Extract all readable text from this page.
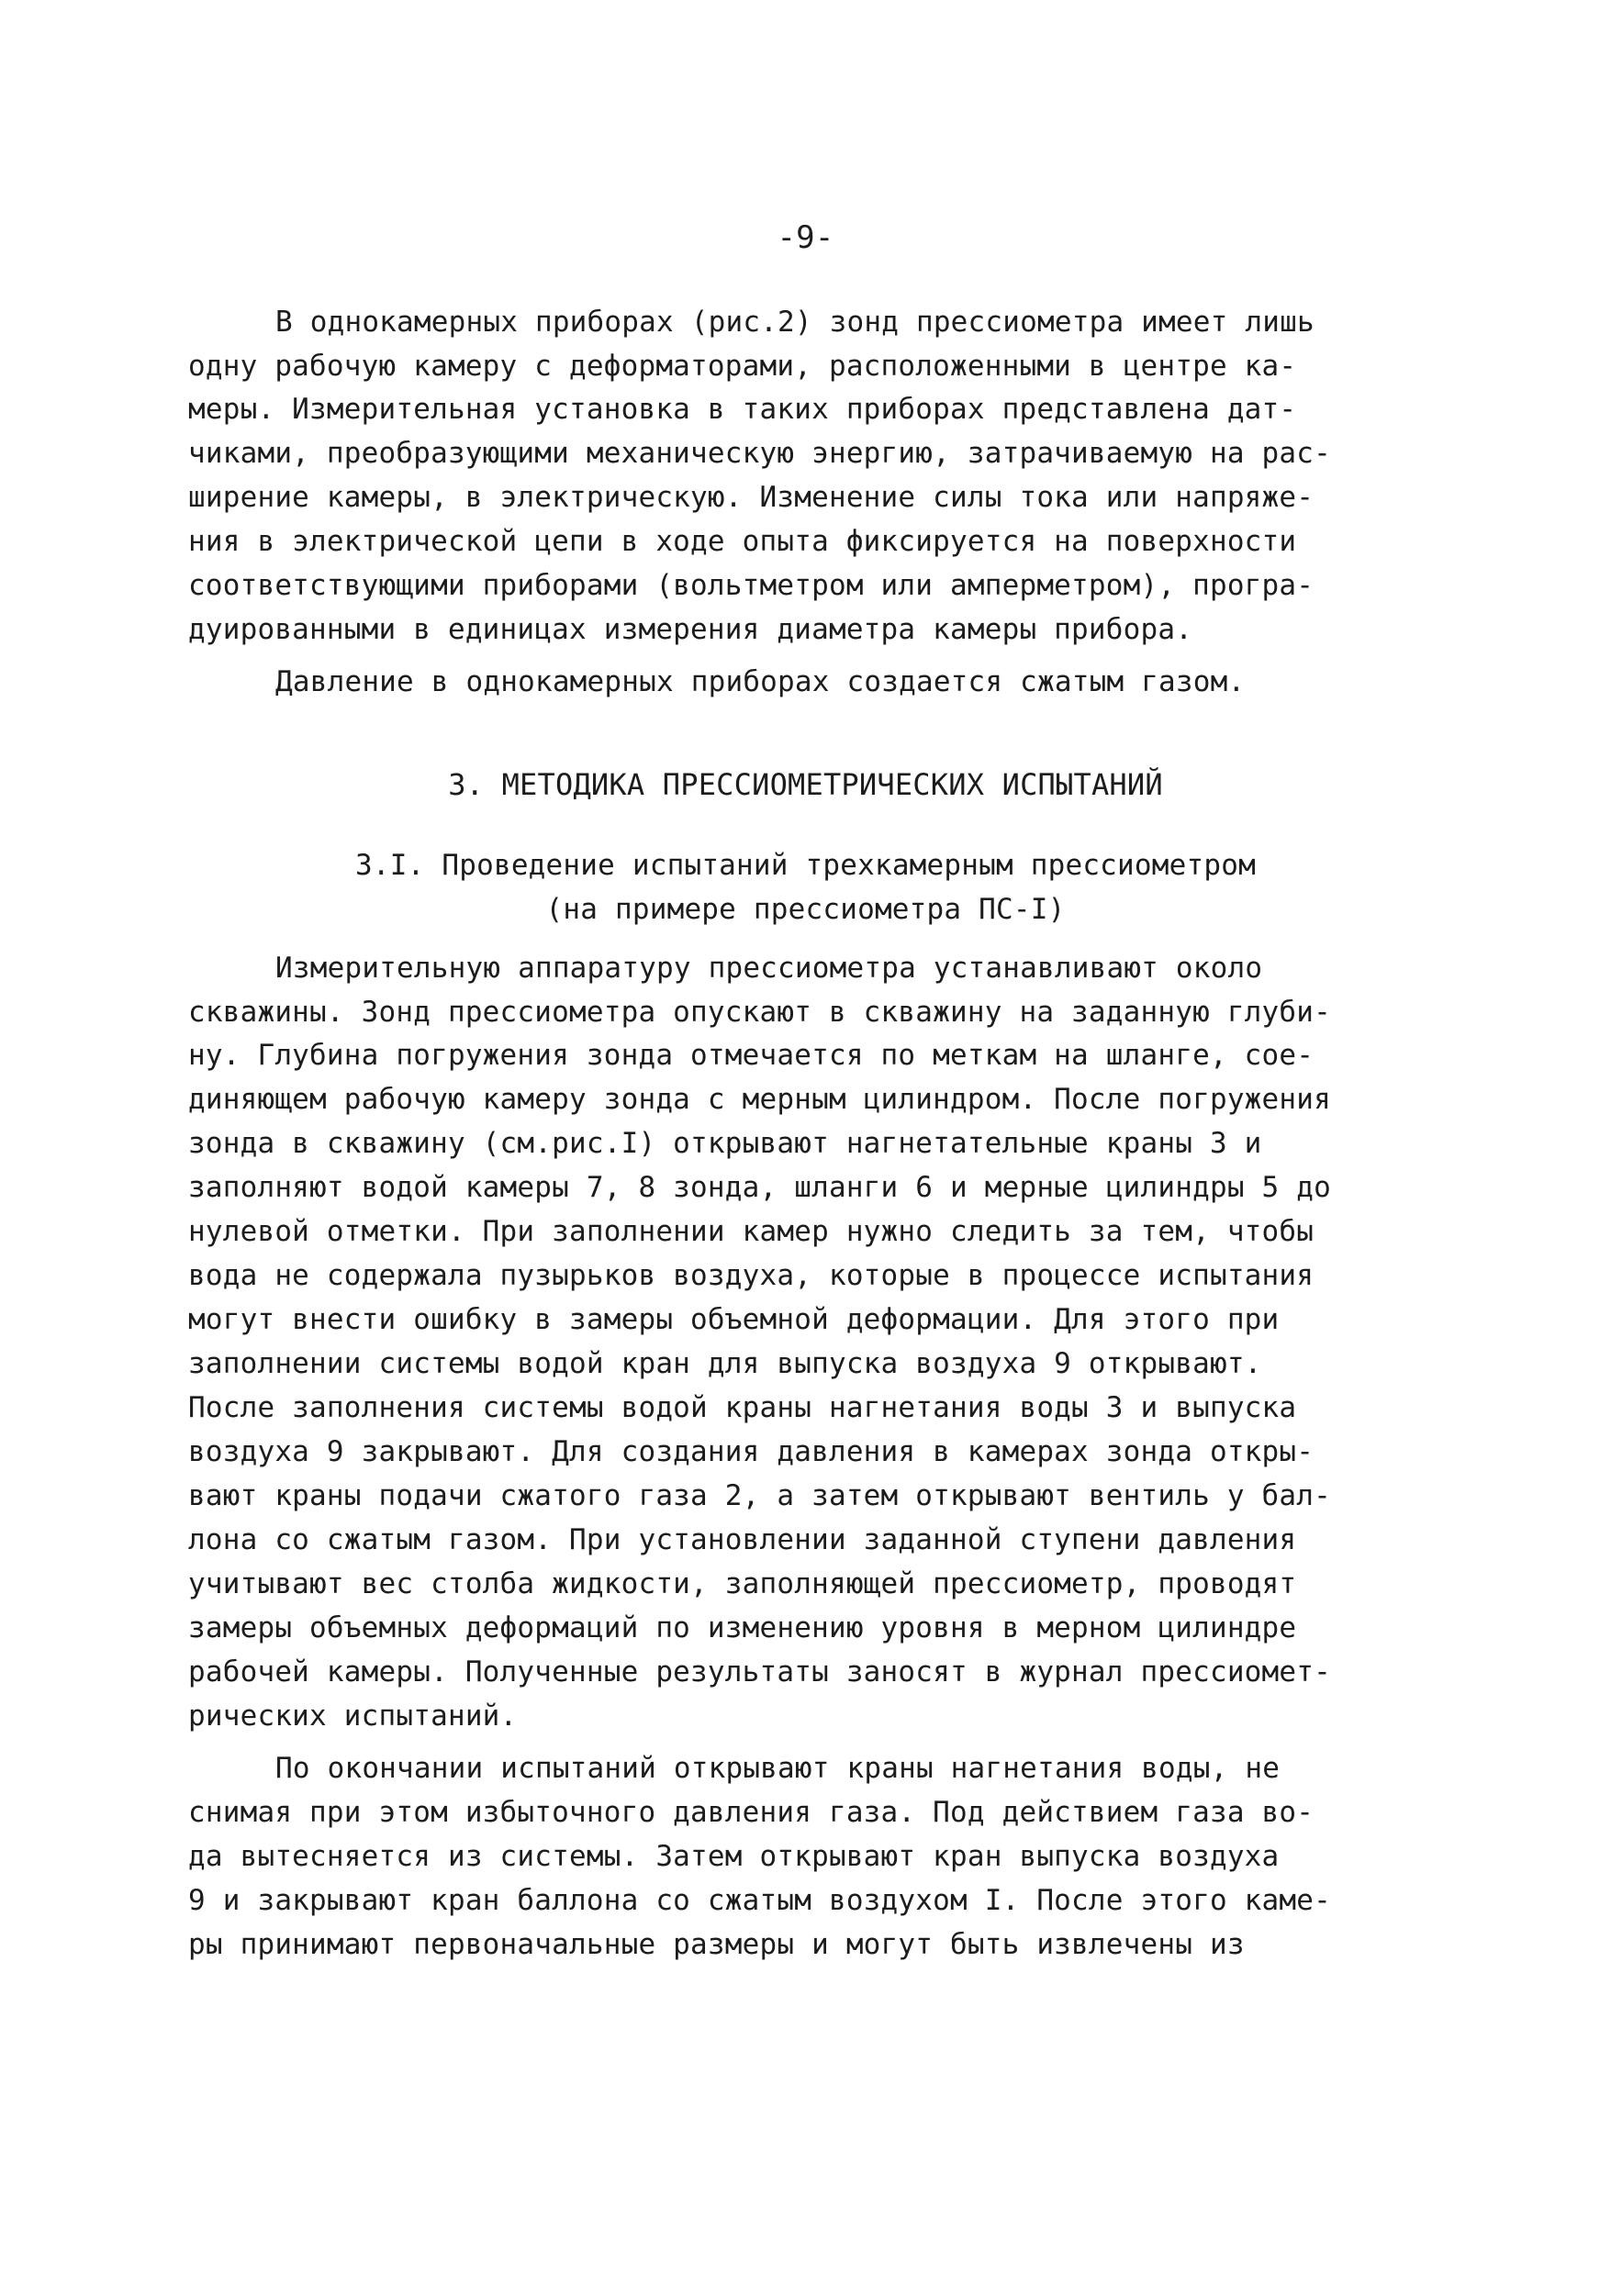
-9-
В однокамерных приборах (рис.2) зонд прессиометра имеет лишь
одну рабочую камеру с деформаторами, расположенными в центре ка-
меры. Измерительная установка в таких приборах представлена дат-
чиками, преобразующими механическую энергию, затрачиваемую на рас-
ширение камеры, в электрическую. Изменение силы тока или напряже-
ния в электрической цепи в ходе опыта фиксируется на поверхности
соответствующими приборами (вольтметром или амперметром), програ-
дуированными в единицах измерения диаметра камеры прибора.
Давление в однокамерных приборах создается сжатым газом.
3. МЕТОДИКА ПРЕССИОМЕТРИЧЕСКИХ ИСПЫТАНИЙ
3.I. Проведение испытаний трехкамерным прессиометром
(на примере прессиометра ПС-I)
Измерительную аппаратуру прессиометра устанавливают около
скважины. Зонд прессиометра опускают в скважину на заданную глуби-
ну. Глубина погружения зонда отмечается по меткам на шланге, сое-
диняющем рабочую камеру зонда с мерным цилиндром. После погружения
зонда в скважину (см.рис.I) открывают нагнетательные краны 3 и
заполняют водой камеры 7, 8 зонда, шланги 6 и мерные цилиндры 5 до
нулевой отметки. При заполнении камер нужно следить за тем, чтобы
вода не содержала пузырьков воздуха, которые в процессе испытания
могут внести ошибку в замеры объемной деформации. Для этого при
заполнении системы водой кран для выпуска воздуха 9 открывают.
После заполнения системы водой краны нагнетания воды 3 и выпуска
воздуха 9 закрывают. Для создания давления в камерах зонда откры-
вают краны подачи сжатого газа 2, а затем открывают вентиль у бал-
лона со сжатым газом. При установлении заданной ступени давления
учитывают вес столба жидкости, заполняющей прессиометр, проводят
замеры объемных деформаций по изменению уровня в мерном цилиндре
рабочей камеры. Полученные результаты заносят в журнал прессиомет-
рических испытаний.
По окончании испытаний открывают краны нагнетания воды, не
снимая при этом избыточного давления газа. Под действием газа во-
да вытесняется из системы. Затем открывают кран выпуска воздуха
9 и закрывают кран баллона со сжатым воздухом I. После этого каме-
ры принимают первоначальные размеры и могут быть извлечены из
